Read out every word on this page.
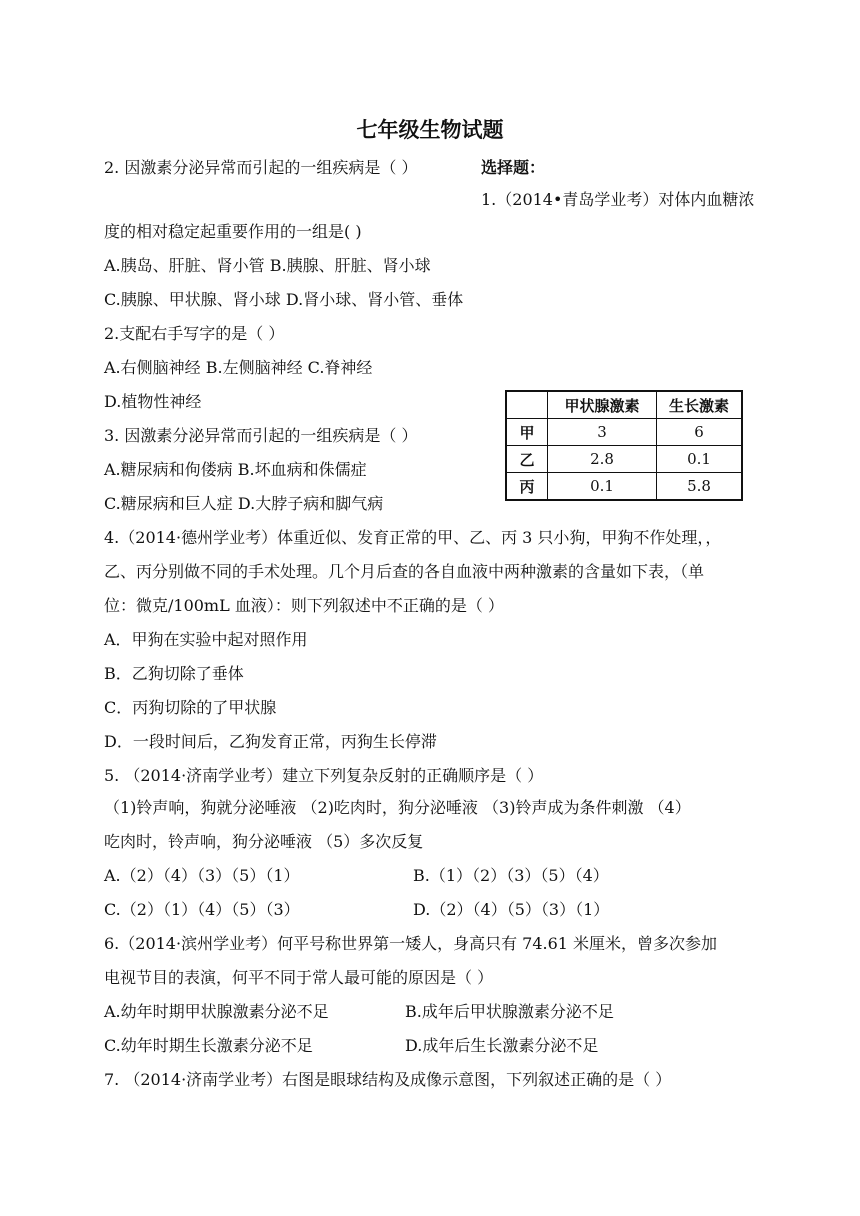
七年级生物试题
2. 因激素分泌异常而引起的一组疾病是（ ）	选择题：
1.（2014•青岛学业考）对体内血糖浓
度的相对稳定起重要作用的一组是( )
A.胰岛、肝脏、肾小管 B.胰腺、肝脏、肾小球
C.胰腺、甲状腺、肾小球 D.肾小球、肾小管、垂体
2.支配右手写字的是（ ）
A.右侧脑神经 B.左侧脑神经 C.脊神经
D.植物性神经
3. 因激素分泌异常而引起的一组疾病是（ ）
A.糖尿病和佝偻病 B.坏血病和侏儒症
C.糖尿病和巨人症 D.大脖子病和脚气病
	甲状腺激素	生长激素
甲	3	6
乙	2.8	0.1
丙	0.1	5.8
4.（2014·德州学业考）体重近似、发育正常的甲、乙、丙 3 只小狗，甲狗不作处理，，
乙、丙分别做不同的手术处理。几个月后查的各自血液中两种激素的含量如下表，（单
位：微克/100mL 血液）：则下列叙述中不正确的是（ ）
A．甲狗在实验中起对照作用
B．乙狗切除了垂体
C．丙狗切除的了甲状腺
D．一段时间后，乙狗发育正常，丙狗生长停滞
5. （2014·济南学业考）建立下列复杂反射的正确顺序是（ ）
（1)铃声响，狗就分泌唾液 （2)吃肉时，狗分泌唾液 （3)铃声成为条件刺激 （4）
吃肉时，铃声响，狗分泌唾液 （5）多次反复
A.（2）（4）（3）（5）（1）	B.（1）（2）（3）（5）（4）
C.（2）（1）（4）（5）（3）	D.（2）（4）（5）（3）（1）
6.（2014·滨州学业考）何平号称世界第一矮人，身高只有 74.61 米厘米，曾多次参加
电视节目的表演，何平不同于常人最可能的原因是（ ）
A.幼年时期甲状腺激素分泌不足	B.成年后甲状腺激素分泌不足
C.幼年时期生长激素分泌不足	D.成年后生长激素分泌不足
7. （2014·济南学业考）右图是眼球结构及成像示意图，下列叙述正确的是（ ）
